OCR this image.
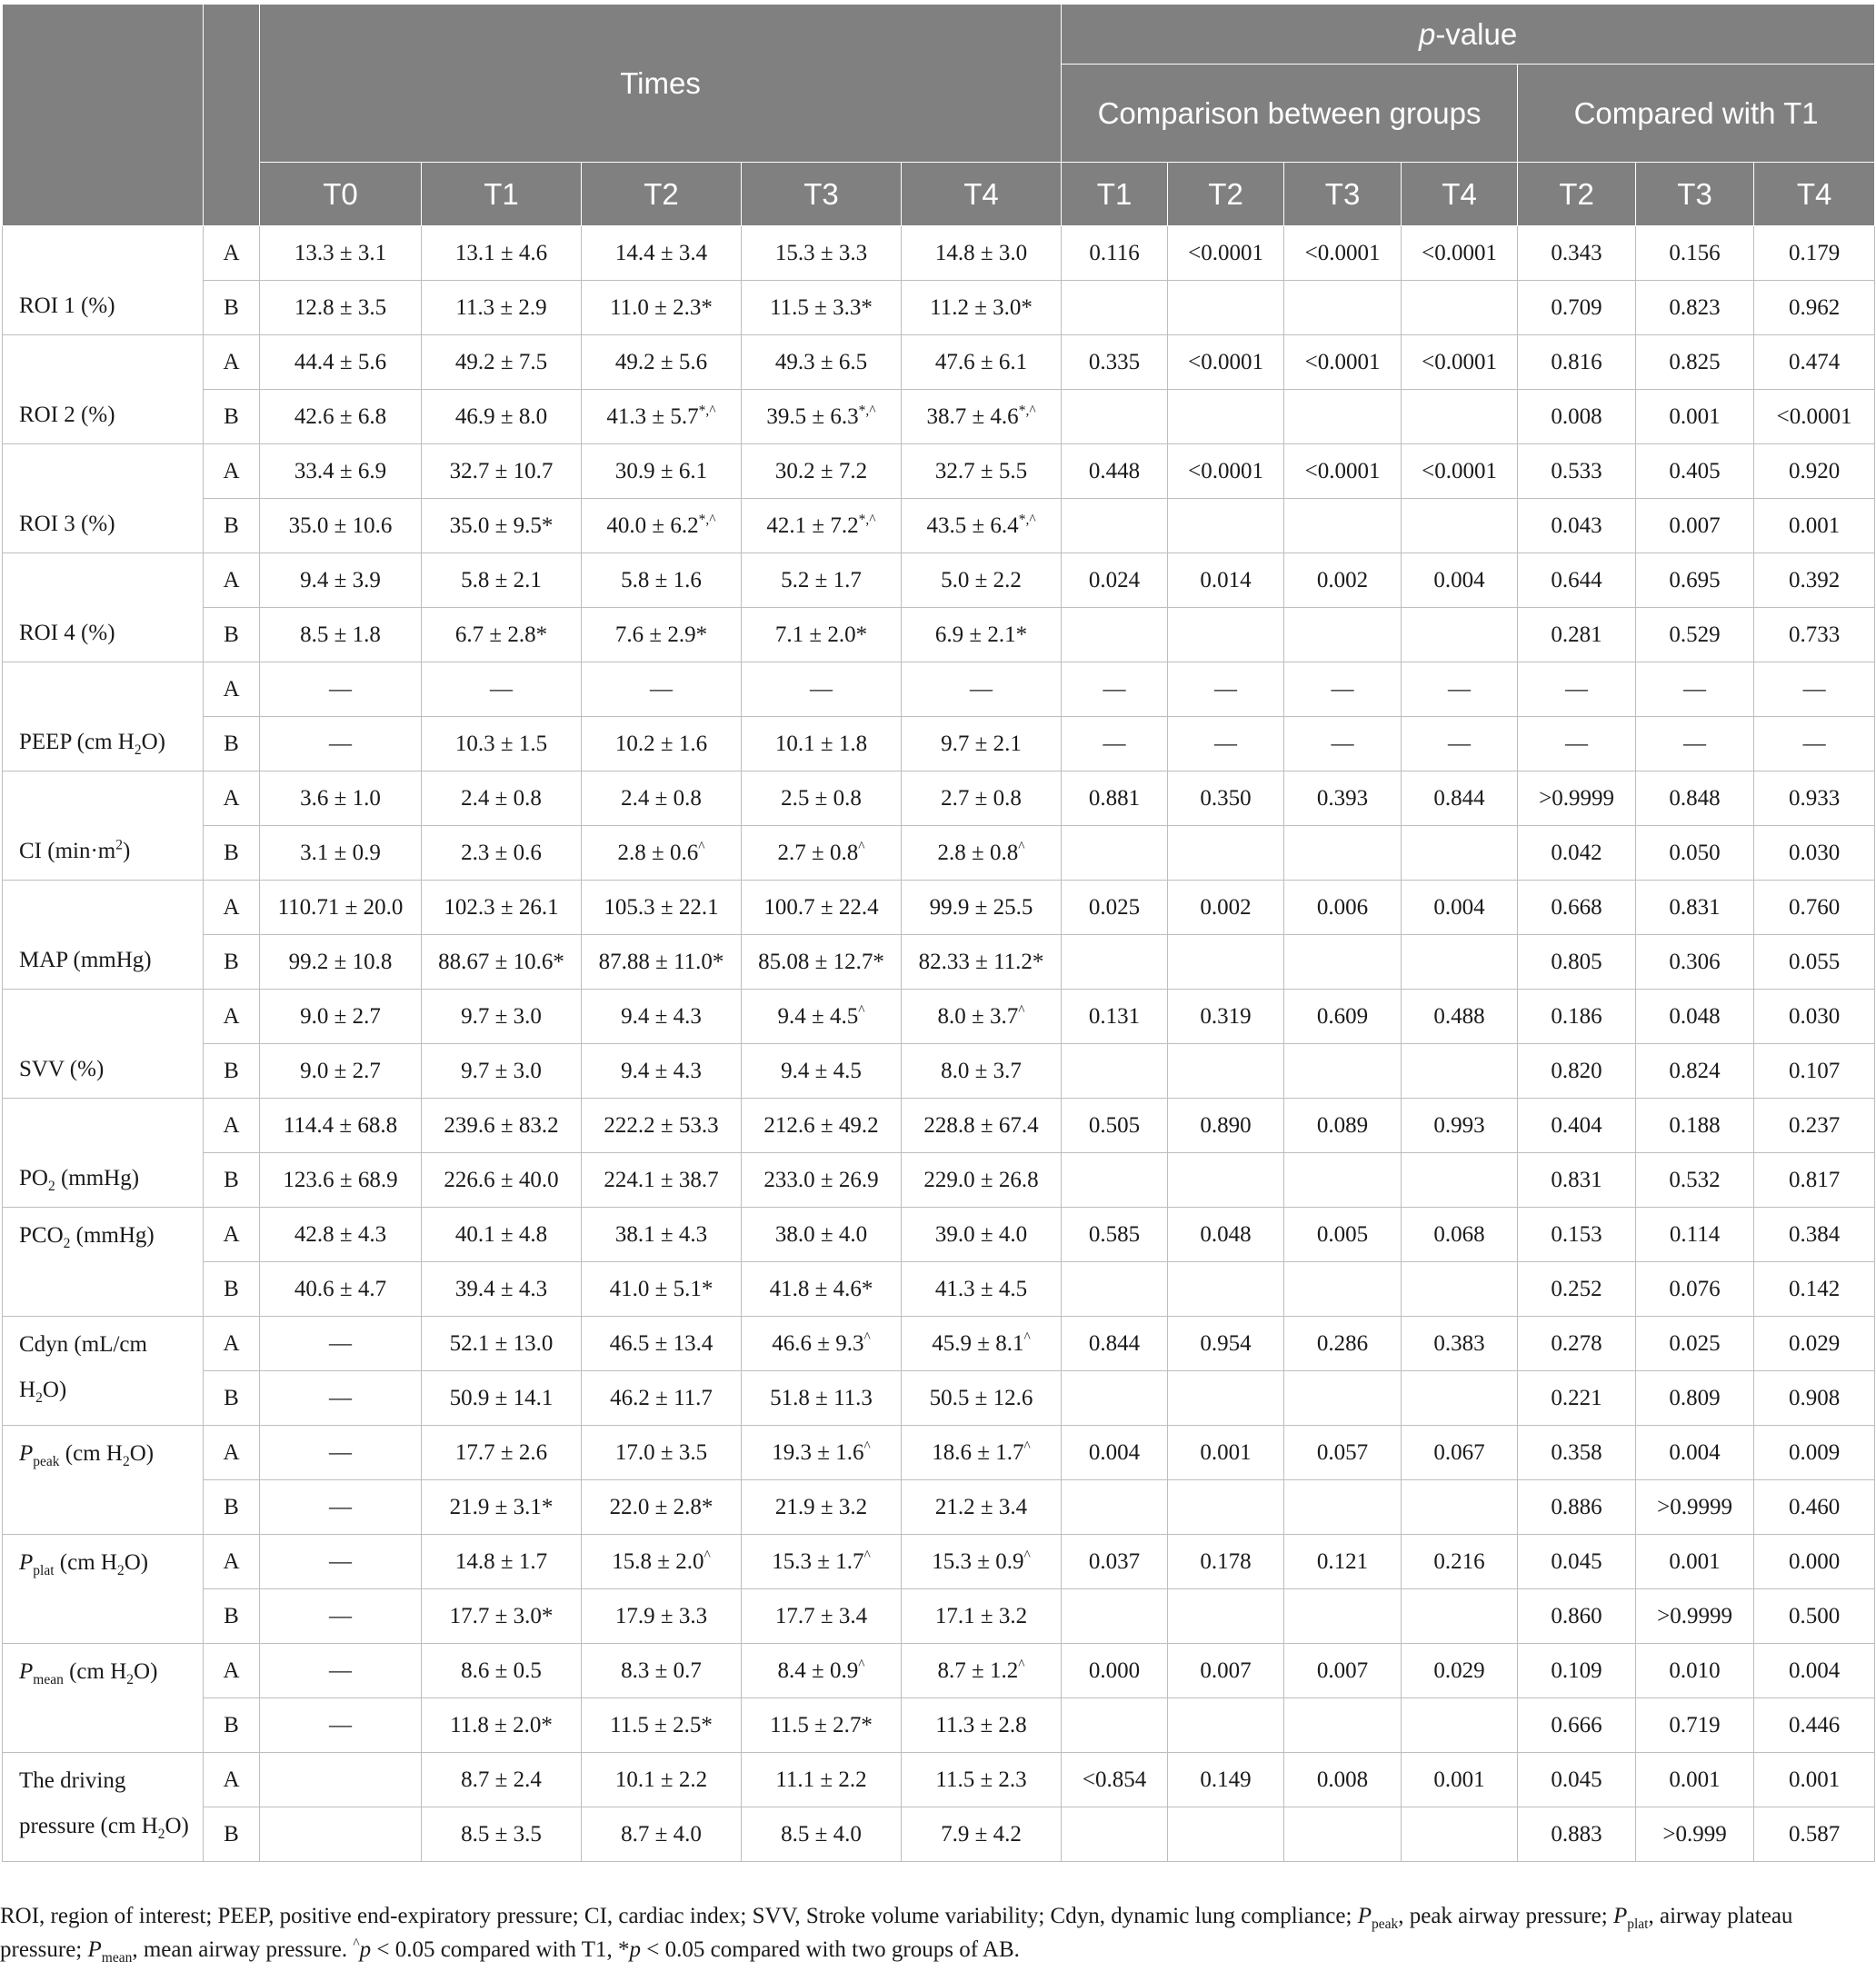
		Times					p-value						
							Comparison between groups				Compared with T1		
		T0	T1	T2	T3	T4	T1	T2	T3	T4	T2	T3	T4
ROI 1 (%)	A	13.3 ± 3.1	13.1 ± 4.6	14.4 ± 3.4	15.3 ± 3.3	14.8 ± 3.0	0.116	<0.0001	<0.0001	<0.0001	0.343	0.156	0.179
	B	12.8 ± 3.5	11.3 ± 2.9	11.0 ± 2.3*	11.5 ± 3.3*	11.2 ± 3.0*					0.709	0.823	0.962
ROI 2 (%)	A	44.4 ± 5.6	49.2 ± 7.5	49.2 ± 5.6	49.3 ± 6.5	47.6 ± 6.1	0.335	<0.0001	<0.0001	<0.0001	0.816	0.825	0.474
	B	42.6 ± 6.8	46.9 ± 8.0	41.3 ± 5.7*,^	39.5 ± 6.3*,^	38.7 ± 4.6*,^					0.008	0.001	<0.0001
ROI 3 (%)	A	33.4 ± 6.9	32.7 ± 10.7	30.9 ± 6.1	30.2 ± 7.2	32.7 ± 5.5	0.448	<0.0001	<0.0001	<0.0001	0.533	0.405	0.920
	B	35.0 ± 10.6	35.0 ± 9.5*	40.0 ± 6.2*,^	42.1 ± 7.2*,^	43.5 ± 6.4*,^					0.043	0.007	0.001
ROI 4 (%)	A	9.4 ± 3.9	5.8 ± 2.1	5.8 ± 1.6	5.2 ± 1.7	5.0 ± 2.2	0.024	0.014	0.002	0.004	0.644	0.695	0.392
	B	8.5 ± 1.8	6.7 ± 2.8*	7.6 ± 2.9*	7.1 ± 2.0*	6.9 ± 2.1*					0.281	0.529	0.733
PEEP (cm $H_2O$)	A	—	—	—	—	—	—	—	—	—	—	—	—
	B	—	10.3 ± 1.5	10.2 ± 1.6	10.1 ± 1.8	9.7 ± 2.1	—	—	—	—	—	—	—
CI $(\min\cdot m^2)$	A	3.6 ± 1.0	2.4 ± 0.8	2.4 ± 0.8	2.5 ± 0.8	2.7 ± 0.8	0.881	0.350	0.393	0.844	>0.9999	0.848	0.933
	B	3.1 ± 0.9	2.3 ± 0.6	2.8 ± 0.6^	2.7 ± 0.8^	2.8 ± 0.8^					0.042	0.050	0.030
MAP (mmHg)	A	110.71 ± 20.0	102.3 ± 26.1	105.3 ± 22.1	100.7 ± 22.4	99.9 ± 25.5	0.025	0.002	0.006	0.004	0.668	0.831	0.760
	B	99.2 ± 10.8	88.67 ± 10.6*	87.88 ± 11.0*	85.08 ± 12.7*	82.33 ± 11.2*					0.805	0.306	0.055
SVV (%)	A	9.0 ± 2.7	9.7 ± 3.0	9.4 ± 4.3	9.4 ± 4.5^	8.0 ± 3.7^	0.131	0.319	0.609	0.488	0.186	0.048	0.030
	B	9.0 ± 2.7	9.7 ± 3.0	9.4 ± 4.3	9.4 ± 4.5	8.0 ± 3.7					0.820	0.824	0.107
$PO_2$ (mmHg)	A	114.4 ± 68.8	239.6 ± 83.2	222.2 ± 53.3	212.6 ± 49.2	228.8 ± 67.4	0.505	0.890	0.089	0.993	0.404	0.188	0.237
	B	123.6 ± 68.9	226.6 ± 40.0	224.1 ± 38.7	233.0 ± 26.9	229.0 ± 26.8					0.831	0.532	0.817
$PCO_2$ (mmHg)	A	42.8 ± 4.3	40.1 ± 4.8	38.1 ± 4.3	38.0 ± 4.0	39.0 ± 4.0	0.585	0.048	0.005	0.068	0.153	0.114	0.384
	B	40.6 ± 4.7	39.4 ± 4.3	41.0 ± 5.1*	41.8 ± 4.6*	41.3 ± 4.5					0.252	0.076	0.142
Cdyn (mL/cm $H_2O$)	A	—	52.1 ± 13.0	46.5 ± 13.4	46.6 ± 9.3^	45.9 ± 8.1^	0.844	0.954	0.286	0.383	0.278	0.025	0.029
	B	—	50.9 ± 14.1	46.2 ± 11.7	51.8 ± 11.3	50.5 ± 12.6					0.221	0.809	0.908
$P_{peak}$ (cm $H_2O$)	A	—	17.7 ± 2.6	17.0 ± 3.5	19.3 ± 1.6^	18.6 ± 1.7^	0.004	0.001	0.057	0.067	0.358	0.004	0.009
	B	—	21.9 ± 3.1*	22.0 ± 2.8*	21.9 ± 3.2	21.2 ± 3.4					0.886	>0.9999	0.460
$P_{plat}$ (cm $H_2O$)	A	—	14.8 ± 1.7	15.8 ± 2.0^	15.3 ± 1.7^	15.3 ± 0.9^	0.037	0.178	0.121	0.216	0.045	0.001	0.000
	B	—	17.7 ± 3.0*	17.9 ± 3.3	17.7 ± 3.4	17.1 ± 3.2					0.860	>0.9999	0.500
$P_{mean}$ (cm $H_2O$)	A	—	8.6 ± 0.5	8.3 ± 0.7	8.4 ± 0.9^	8.7 ± 1.2^	0.000	0.007	0.007	0.029	0.109	0.010	0.004
	B	—	11.8 ± 2.0*	11.5 ± 2.5*	11.5 ± 2.7*	11.3 ± 2.8					0.666	0.719	0.446
The driving pressure (cm $H_2O$)	A		8.7 ± 2.4	10.1 ± 2.2	11.1 ± 2.2	11.5 ± 2.3	<0.854	0.149	0.008	0.001	0.045	0.001	0.001
	B		8.5 ± 3.5	8.7 ± 4.0	8.5 ± 4.0	7.9 ± 4.2					0.883	>0.999	0.587
ROI, region of interest; PEEP, positive end-expiratory pressure; CI, cardiac index; SVV, Stroke volume variability; Cdyn, dynamic lung compliance; $P_{peak}$, peak airway pressure; $P_{plat}$, airway plateau pressure; $P_{mean}$, mean airway pressure. ^p < 0.05 compared with T1, *p < 0.05 compared with two groups of AB.
